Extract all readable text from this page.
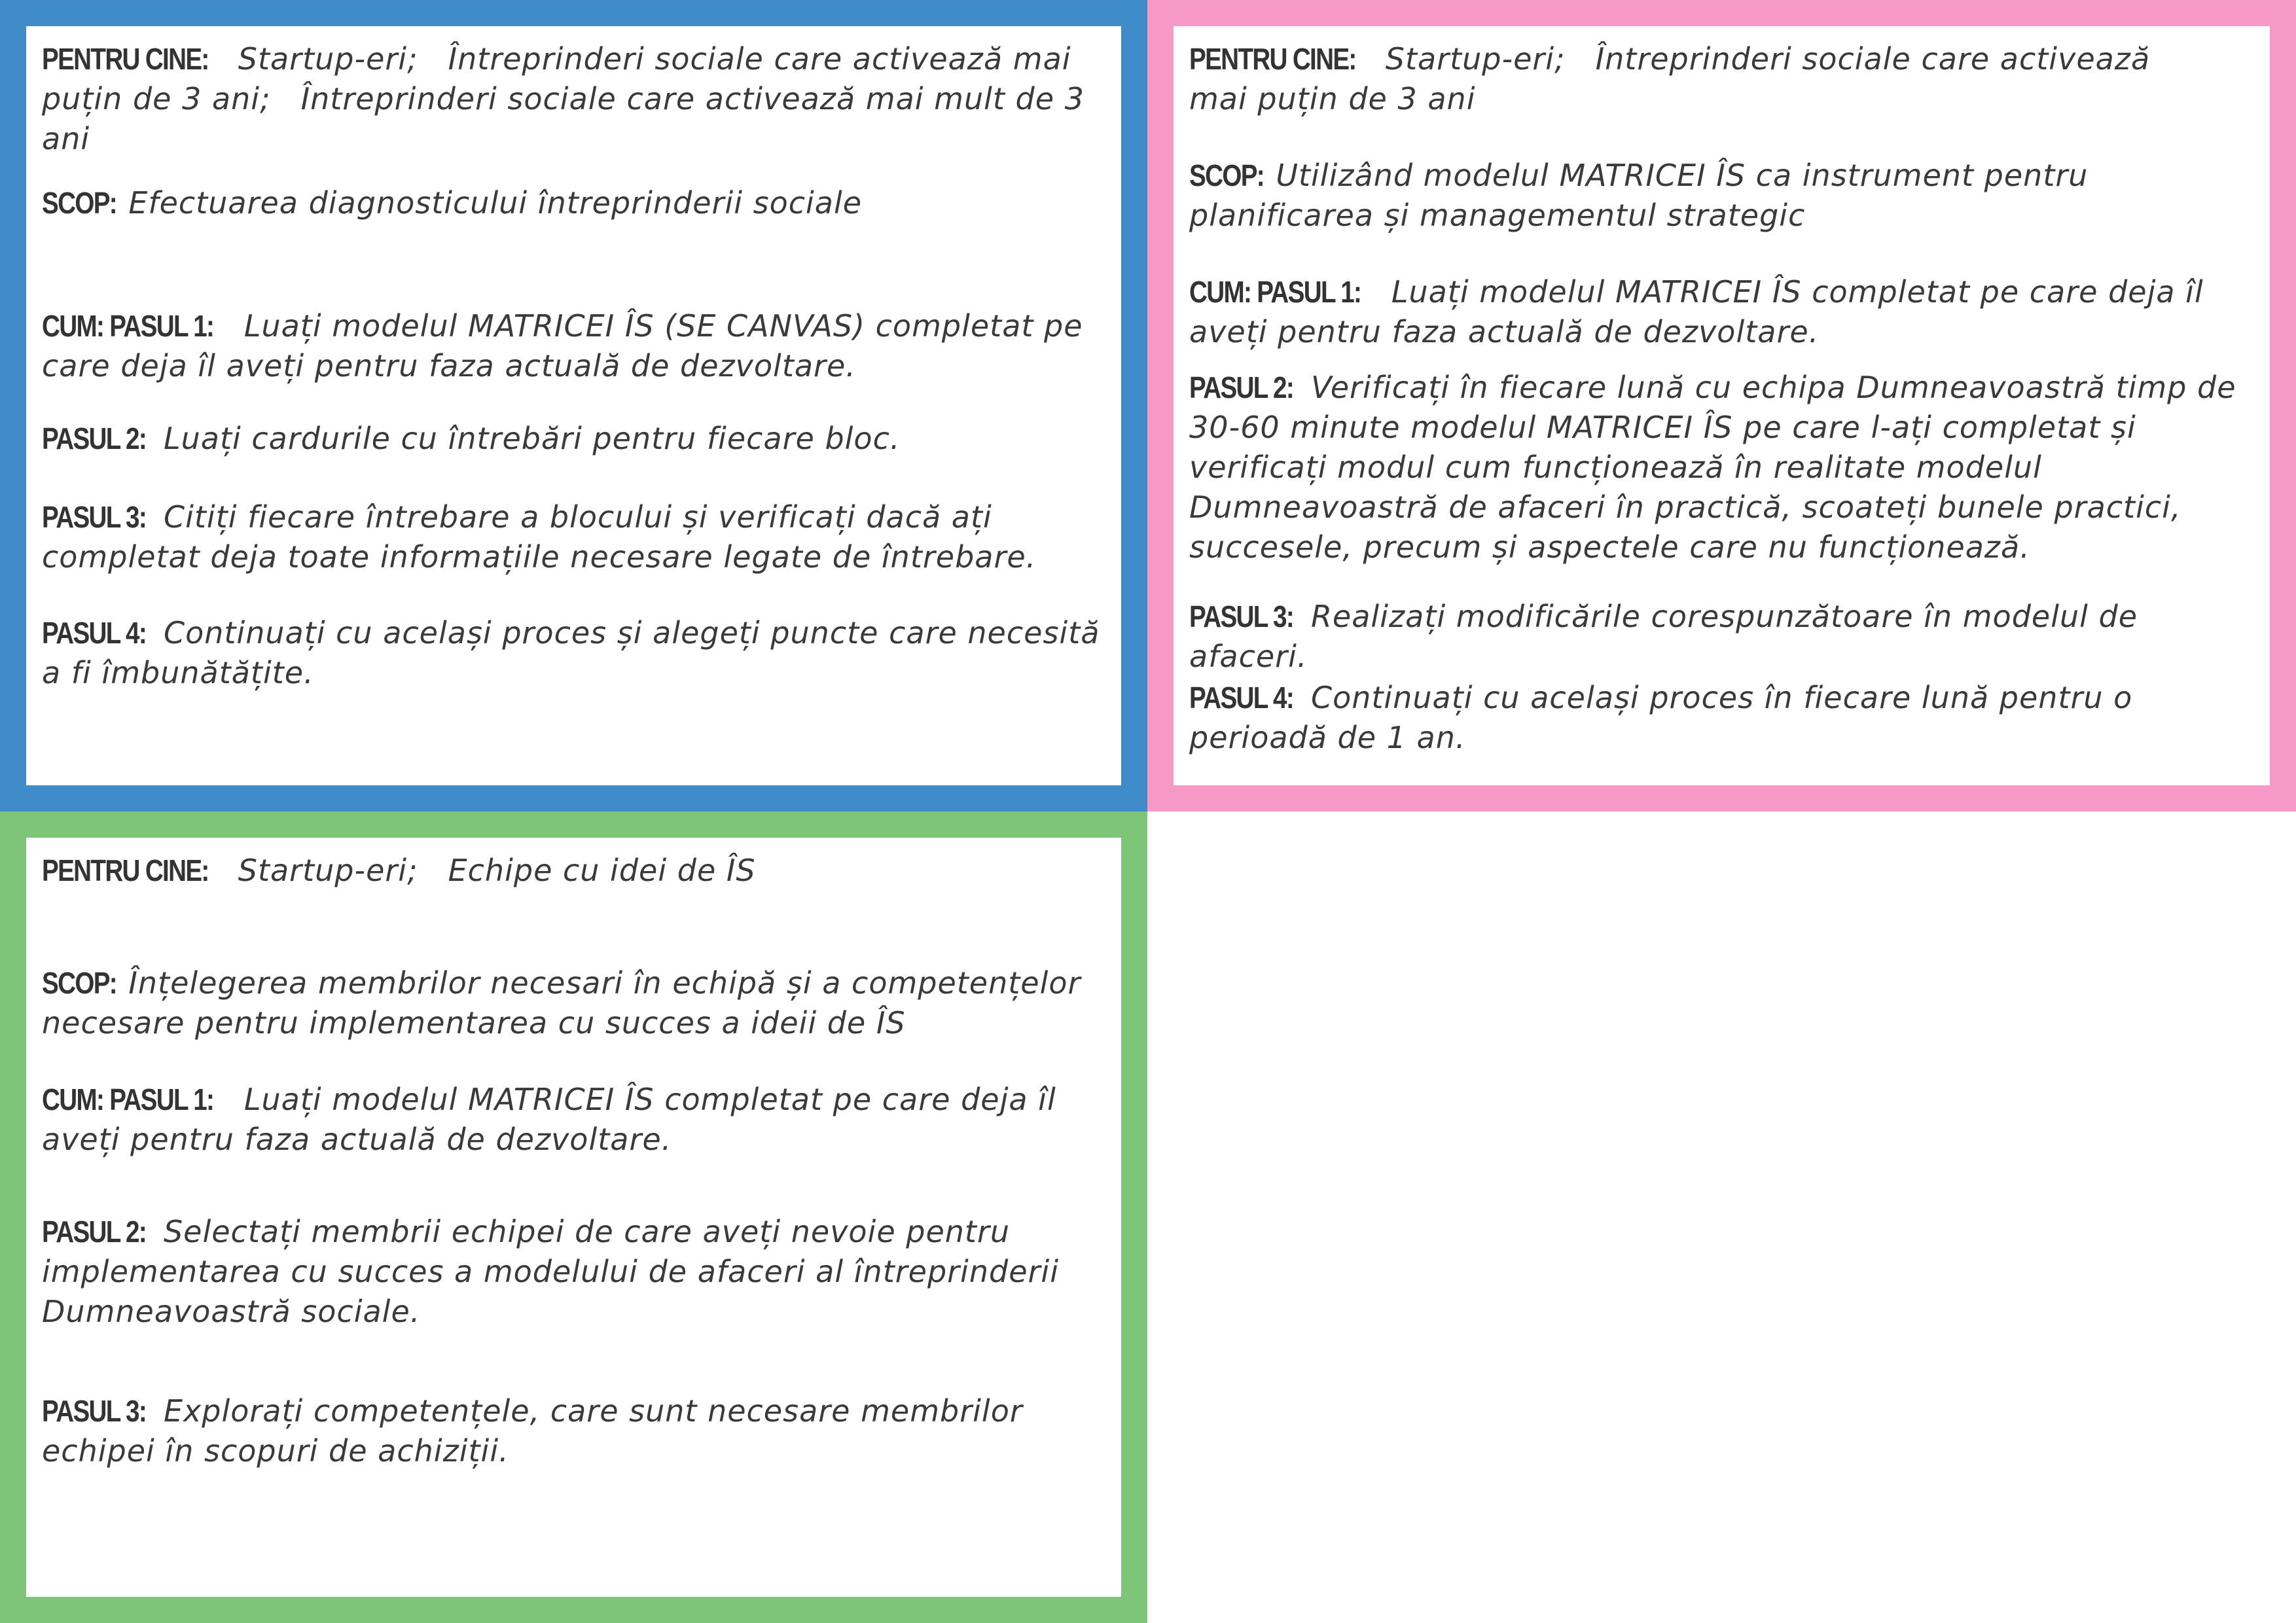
PENTRU CINE: Startup-eri; Întreprinderi sociale care activează mai puțin de 3 ani; Întreprinderi sociale care activează mai mult de 3 ani
SCOP: Efectuarea diagnosticului întreprinderii sociale
CUM: PASUL 1: Luați modelul MATRICEI ÎS (SE CANVAS) completat pe care deja îl aveți pentru faza actuală de dezvoltare.
PASUL 2: Luați cardurile cu întrebări pentru fiecare bloc.
PASUL 3: Citiți fiecare întrebare a blocului și verificați dacă ați completat deja toate informațiile necesare legate de întrebare.
PASUL 4: Continuați cu același proces și alegeți puncte care necesită a fi îmbunătățite.
PENTRU CINE: Startup-eri; Întreprinderi sociale care activează mai puțin de 3 ani
SCOP: Utilizând modelul MATRICEI ÎS ca instrument pentru planificarea și managementul strategic
CUM: PASUL 1: Luați modelul MATRICEI ÎS completat pe care deja îl aveți pentru faza actuală de dezvoltare.
PASUL 2: Verificați în fiecare lună cu echipa Dumneavoastră timp de 30-60 minute modelul MATRICEI ÎS pe care l-ați completat și verificați modul cum funcționează în realitate modelul Dumneavoastră de afaceri în practică, scoateți bunele practici, succesele, precum și aspectele care nu funcționează.
PASUL 3: Realizați modificările corespunzătoare în modelul de afaceri.
PASUL 4: Continuați cu același proces în fiecare lună pentru o perioadă de 1 an.
PENTRU CINE: Startup-eri; Echipe cu idei de ÎS
SCOP: Înțelegerea membrilor necesari în echipă și a competențelor necesare pentru implementarea cu succes a ideii de ÎS
CUM: PASUL 1: Luați modelul MATRICEI ÎS completat pe care deja îl aveți pentru faza actuală de dezvoltare.
PASUL 2: Selectați membrii echipei de care aveți nevoie pentru implementarea cu succes a modelului de afaceri al întreprinderii Dumneavoastră sociale.
PASUL 3: Explorați competențele, care sunt necesare membrilor echipei în scopuri de achiziții.
